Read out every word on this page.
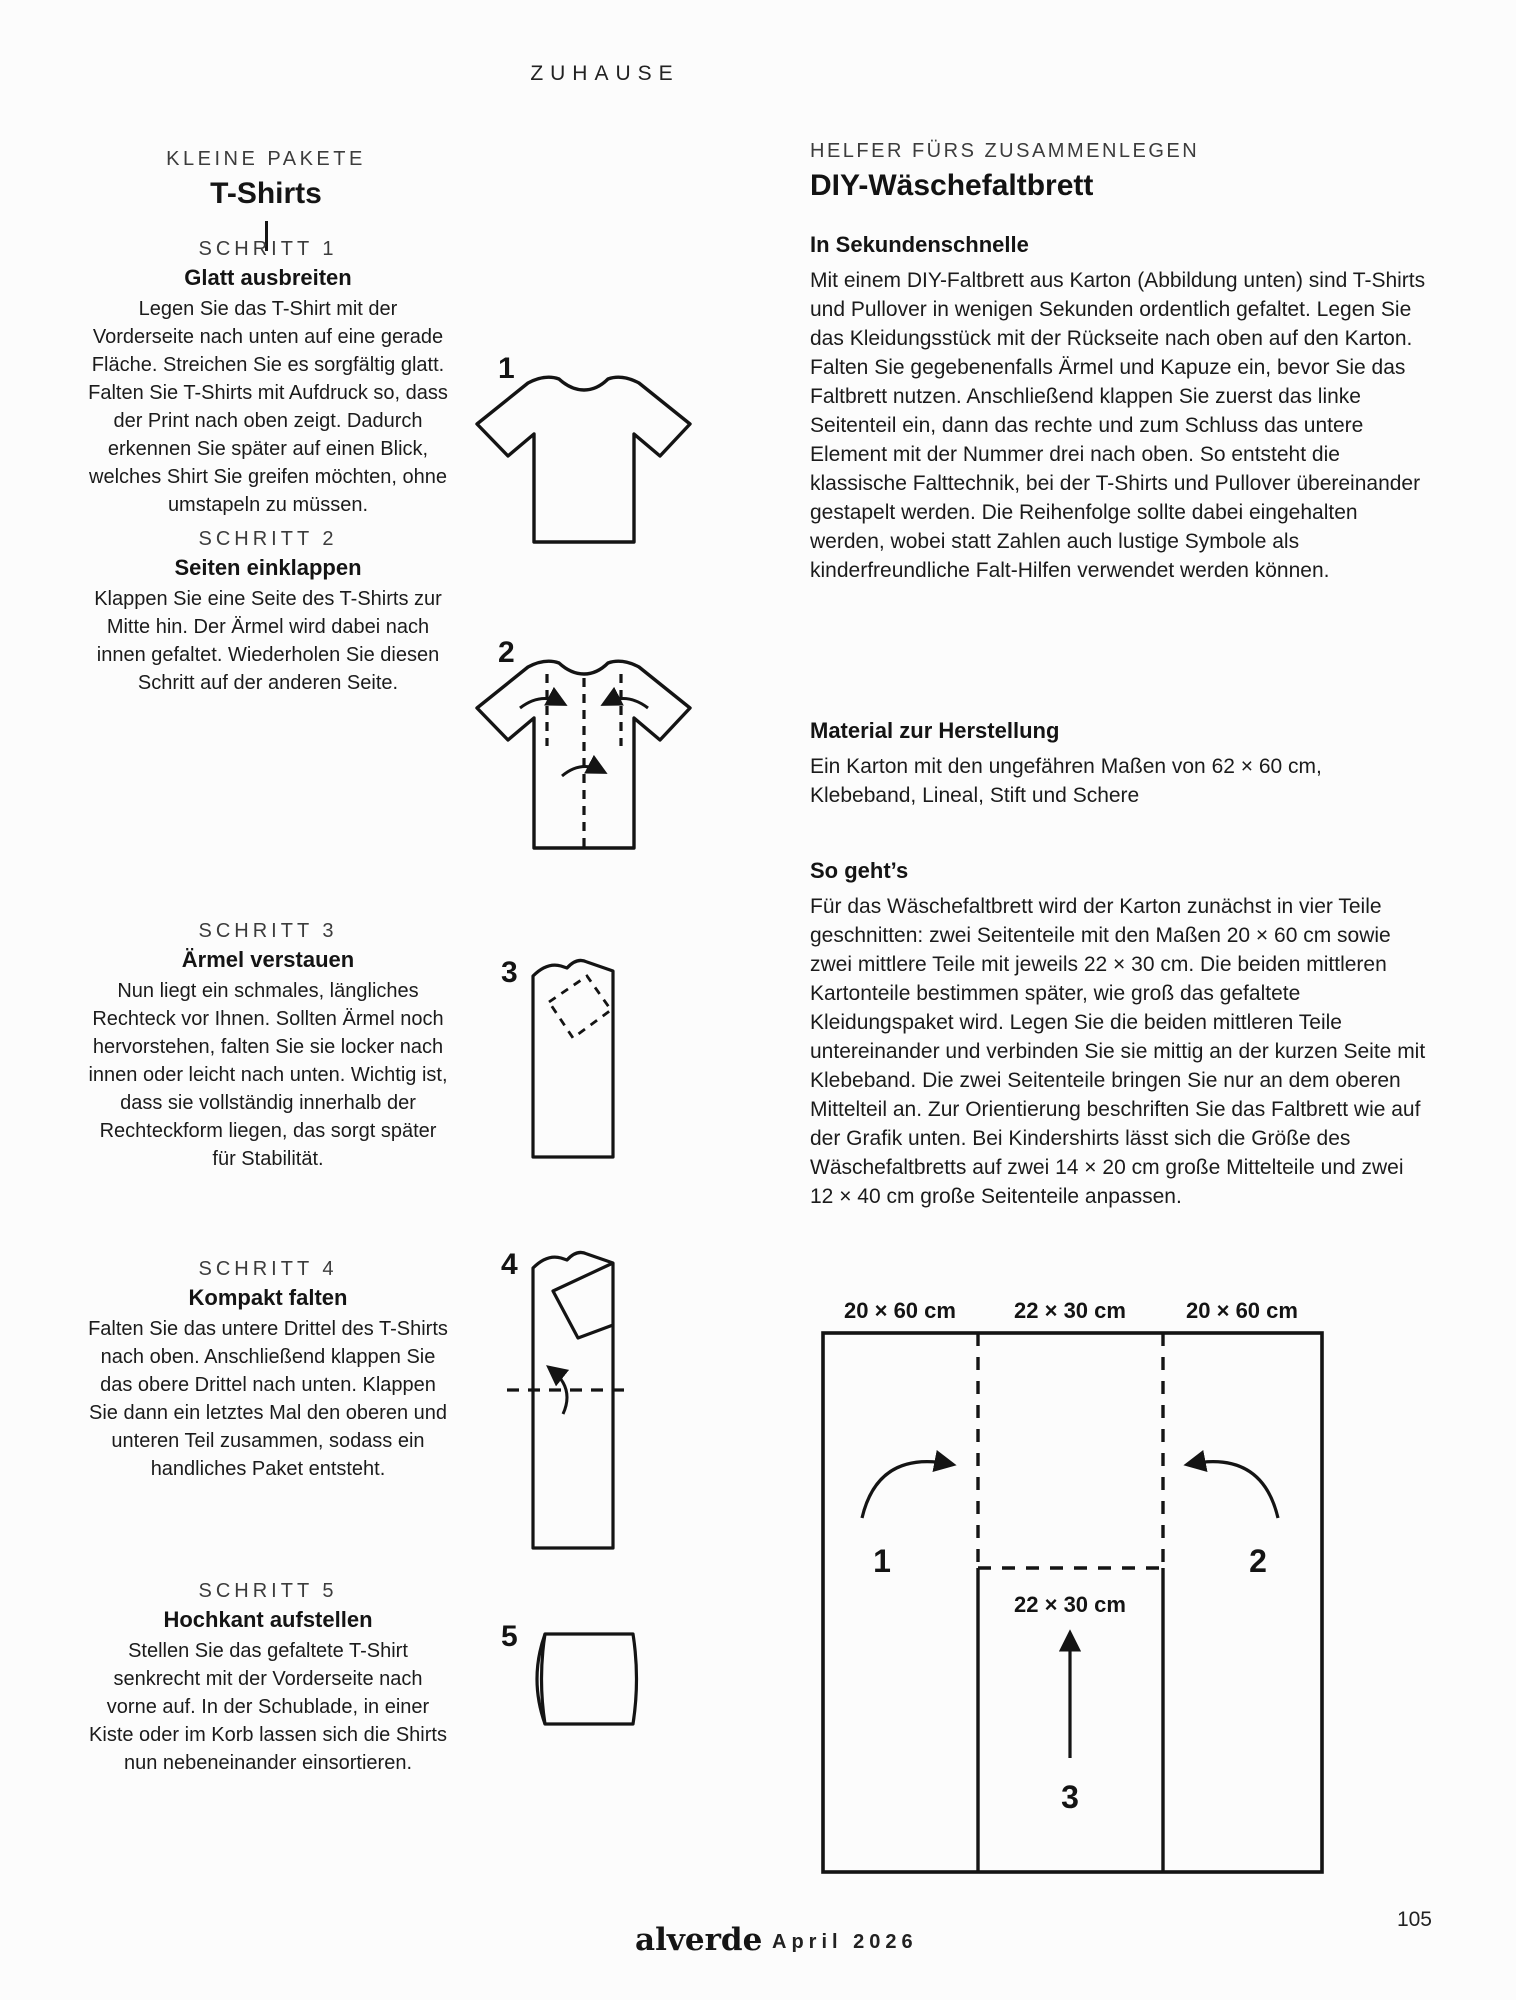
ZUHAUSE
KLEINE PAKETE
T-Shirts
SCHRITT 1
Glatt ausbreiten
Legen Sie das T-Shirt mit der Vorderseite nach unten auf eine gerade Fläche. Streichen Sie es sorgfältig glatt. Falten Sie T-Shirts mit Aufdruck so, dass der Print nach oben zeigt. Dadurch erkennen Sie später auf einen Blick, welches Shirt Sie greifen möchten, ohne umstapeln zu müssen.
SCHRITT 2
Seiten einklappen
Klappen Sie eine Seite des T-Shirts zur Mitte hin. Der Ärmel wird dabei nach innen gefaltet. Wiederholen Sie diesen Schritt auf der anderen Seite.
SCHRITT 3
Ärmel verstauen
Nun liegt ein schmales, längliches Rechteck vor Ihnen. Sollten Ärmel noch hervorstehen, falten Sie sie locker nach innen oder leicht nach unten. Wichtig ist, dass sie vollständig innerhalb der Rechteckform liegen, das sorgt später für Stabilität.
SCHRITT 4
Kompakt falten
Falten Sie das untere Drittel des T-Shirts nach oben. Anschließend klappen Sie das obere Drittel nach unten. Klappen Sie dann ein letztes Mal den oberen und unteren Teil zusammen, sodass ein handliches Paket entsteht.
SCHRITT 5
Hochkant aufstellen
Stellen Sie das gefaltete T-Shirt senkrecht mit der Vorderseite nach vorne auf. In der Schublade, in einer Kiste oder im Korb lassen sich die Shirts nun nebeneinander einsortieren.
1
2
3
4
5
HELFER FÜRS ZUSAMMENLEGEN
DIY-Wäschefaltbrett
In Sekundenschnelle
Mit einem DIY-Faltbrett aus Karton (Abbildung unten) sind T-Shirts und Pullover in wenigen Sekunden ordentlich gefaltet. Legen Sie das Kleidungsstück mit der Rückseite nach oben auf den Karton. Falten Sie gegebenenfalls Ärmel und Kapuze ein, bevor Sie das Faltbrett nutzen. Anschließend klappen Sie zuerst das linke Seitenteil ein, dann das rechte und zum Schluss das untere Element mit der Nummer drei nach oben. So entsteht die klassische Falttechnik, bei der T-Shirts und Pullover übereinander gestapelt werden. Die Reihenfolge sollte dabei eingehalten werden, wobei statt Zahlen auch lustige Symbole als kinderfreundliche Falt-Hilfen verwendet werden können.
Material zur Herstellung
Ein Karton mit den ungefähren Maßen von 62 × 60 cm, Klebeband, Lineal, Stift und Schere
So geht’s
Für das Wäschefaltbrett wird der Karton zunächst in vier Teile geschnitten: zwei Seitenteile mit den Maßen 20 × 60 cm sowie zwei mittlere Teile mit jeweils 22 × 30 cm. Die beiden mittleren Kartonteile bestimmen später, wie groß das gefaltete Kleidungspaket wird. Legen Sie die beiden mittleren Teile untereinander und verbinden Sie sie mittig an der kurzen Seite mit Klebeband. Die zwei Seitenteile bringen Sie nur an dem oberen Mittelteil an. Zur Orientierung beschriften Sie das Faltbrett wie auf der Grafik unten. Bei Kindershirts lässt sich die Größe des Wäschefaltbretts auf zwei 14 × 20 cm große Mittelteile und zwei 12 × 40 cm große Seitenteile anpassen.
20 × 60 cm	22 × 30 cm	20 × 60 cm
1	2
22 × 30 cm
3
alverde April 2026
105
